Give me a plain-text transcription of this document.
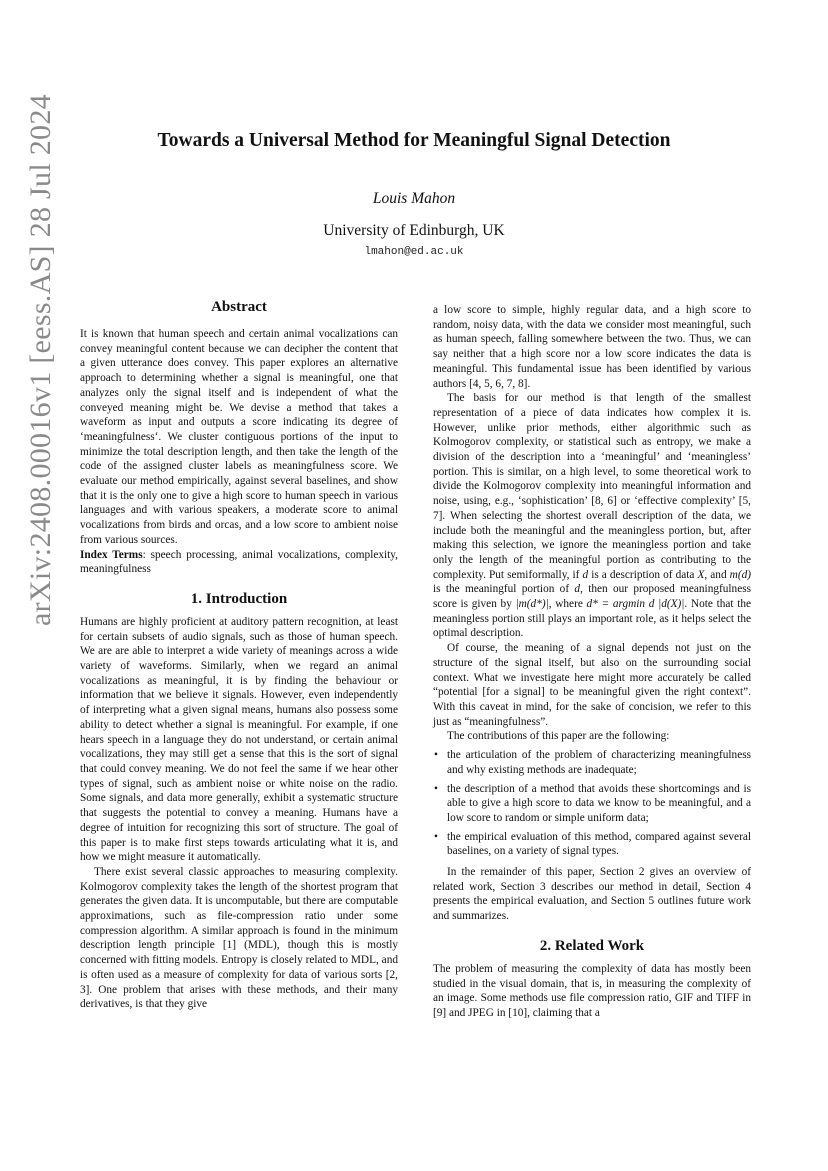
arXiv:2408.00016v1 [eess.AS] 28 Jul 2024	Towards a Universal Method for Meaningful Signal Detection
Louis Mahon
University of Edinburgh, UK
lmahon@ed.ac.uk
Abstract

It is known that human speech and certain animal vocalizations can convey meaningful content because we can decipher the content that a given utterance does convey. This paper explores an alternative approach to determining whether a signal is meaningful, one that analyzes only the signal itself and is independent of what the conveyed meaning might be. We devise a method that takes a waveform as input and outputs a score indicating its degree of ‘meaningfulness‘. We cluster contiguous portions of the input to minimize the total description length, and then take the length of the code of the assigned cluster labels as meaningfulness score. We evaluate our method empirically, against several baselines, and show that it is the only one to give a high score to human speech in various languages and with various speakers, a moderate score to animal vocalizations from birds and orcas, and a low score to ambient noise from various sources.

Index Terms: speech processing, animal vocalizations, complexity, meaningfulness

1. Introduction

Humans are highly proficient at auditory pattern recognition, at least for certain subsets of audio signals, such as those of human speech. We are are able to interpret a wide variety of meanings across a wide variety of waveforms. Similarly, when we regard an animal vocalizations as meaningful, it is by finding the behaviour or information that we believe it signals. However, even independently of interpreting what a given signal means, humans also possess some ability to detect whether a signal is meaningful. For example, if one hears speech in a language they do not understand, or certain animal vocalizations, they may still get a sense that this is the sort of signal that could convey meaning. We do not feel the same if we hear other types of signal, such as ambient noise or white noise on the radio. Some signals, and data more generally, exhibit a systematic structure that suggests the potential to convey a meaning. Humans have a degree of intuition for recognizing this sort of structure. The goal of this paper is to make first steps towards articulating what it is, and how we might measure it automatically.

There exist several classic approaches to measuring complexity. Kolmogorov complexity takes the length of the shortest program that generates the given data. It is uncomputable, but there are computable approximations, such as file-compression ratio under some compression algorithm. A similar approach is found in the minimum description length principle [1] (MDL), though this is mostly concerned with fitting models. Entropy is closely related to MDL, and is often used as a measure of complexity for data of various sorts [2, 3]. One problem that arises with these methods, and their many derivatives, is that they give

a low score to simple, highly regular data, and a high score to random, noisy data, with the data we consider most meaningful, such as human speech, falling somewhere between the two. Thus, we can say neither that a high score nor a low score indicates the data is meaningful. This fundamental issue has been identified by various authors [4, 5, 6, 7, 8].

The basis for our method is that length of the smallest representation of a piece of data indicates how complex it is. However, unlike prior methods, either algorithmic such as Kolmogorov complexity, or statistical such as entropy, we make a division of the description into a ‘meaningful’ and ‘meaningless’ portion. This is similar, on a high level, to some theoretical work to divide the Kolmogorov complexity into meaningful information and noise, using, e.g., ‘sophistication’ [8, 6] or ‘effective complexity’ [5, 7]. When selecting the shortest overall description of the data, we include both the meaningful and the meaningless portion, but, after making this selection, we ignore the meaningless portion and take only the length of the meaningful portion as contributing to the complexity. Put semiformally, if d is a description of data X, and m(d) is the meaningful portion of d, then our proposed meaningfulness score is given by |m(d*)|, where d* = argmin d |d(X)|. Note that the meaningless portion still plays an important role, as it helps select the optimal description.

Of course, the meaning of a signal depends not just on the structure of the signal itself, but also on the surrounding social context. What we investigate here might more accurately be called “potential [for a signal] to be meaningful given the right context”. With this caveat in mind, for the sake of concision, we refer to this just as “meaningfulness”.

The contributions of this paper are the following:

• the articulation of the problem of characterizing meaningfulness and why existing methods are inadequate;
• the description of a method that avoids these shortcomings and is able to give a high score to data we know to be meaningful, and a low score to random or simple uniform data;
• the empirical evaluation of this method, compared against several baselines, on a variety of signal types.

In the remainder of this paper, Section 2 gives an overview of related work, Section 3 describes our method in detail, Section 4 presents the empirical evaluation, and Section 5 outlines future work and summarizes.

2. Related Work

The problem of measuring the complexity of data has mostly been studied in the visual domain, that is, in measuring the complexity of an image. Some methods use file compression ratio, GIF and TIFF in [9] and JPEG in [10], claiming that a
